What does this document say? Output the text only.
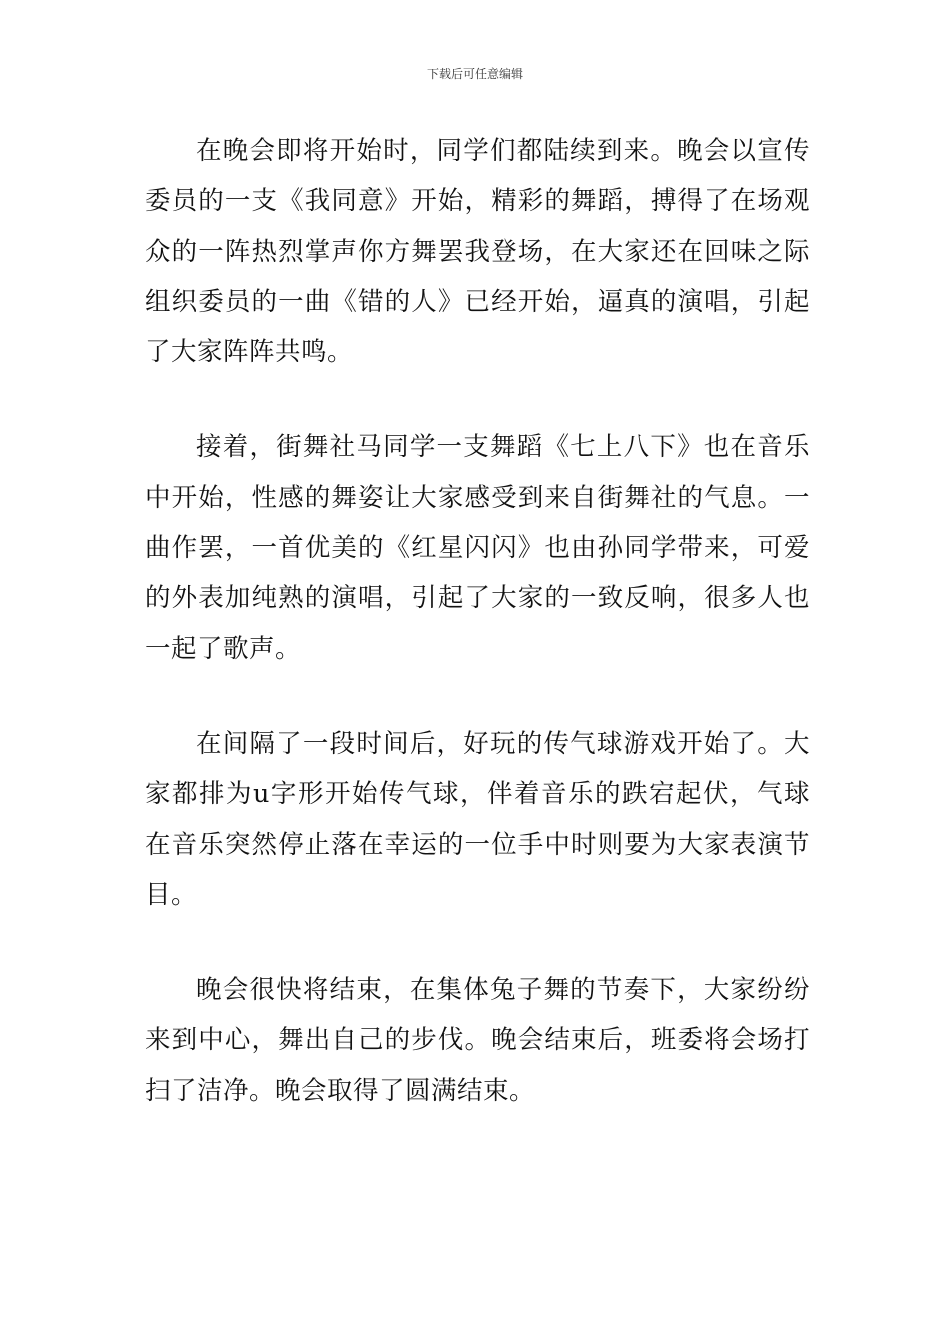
下载后可任意编辑

在晚会即将开始时，同学们都陆续到来。晚会以宣传委员的一支《我同意》开始，精彩的舞蹈，搏得了在场观众的一阵热烈掌声你方舞罢我登场，在大家还在回味之际组织委员的一曲《错的人》已经开始，逼真的演唱，引起了大家阵阵共鸣。

接着，街舞社马同学一支舞蹈《七上八下》也在音乐中开始，性感的舞姿让大家感受到来自街舞社的气息。一曲作罢，一首优美的《红星闪闪》也由孙同学带来，可爱的外表加纯熟的演唱，引起了大家的一致反响，很多人也一起了歌声。

在间隔了一段时间后，好玩的传气球游戏开始了。大家都排为u字形开始传气球，伴着音乐的跌宕起伏，气球在音乐突然停止落在幸运的一位手中时则要为大家表演节目。

晚会很快将结束，在集体兔子舞的节奏下，大家纷纷来到中心，舞出自己的步伐。晚会结束后，班委将会场打扫了洁净。晚会取得了圆满结束。
